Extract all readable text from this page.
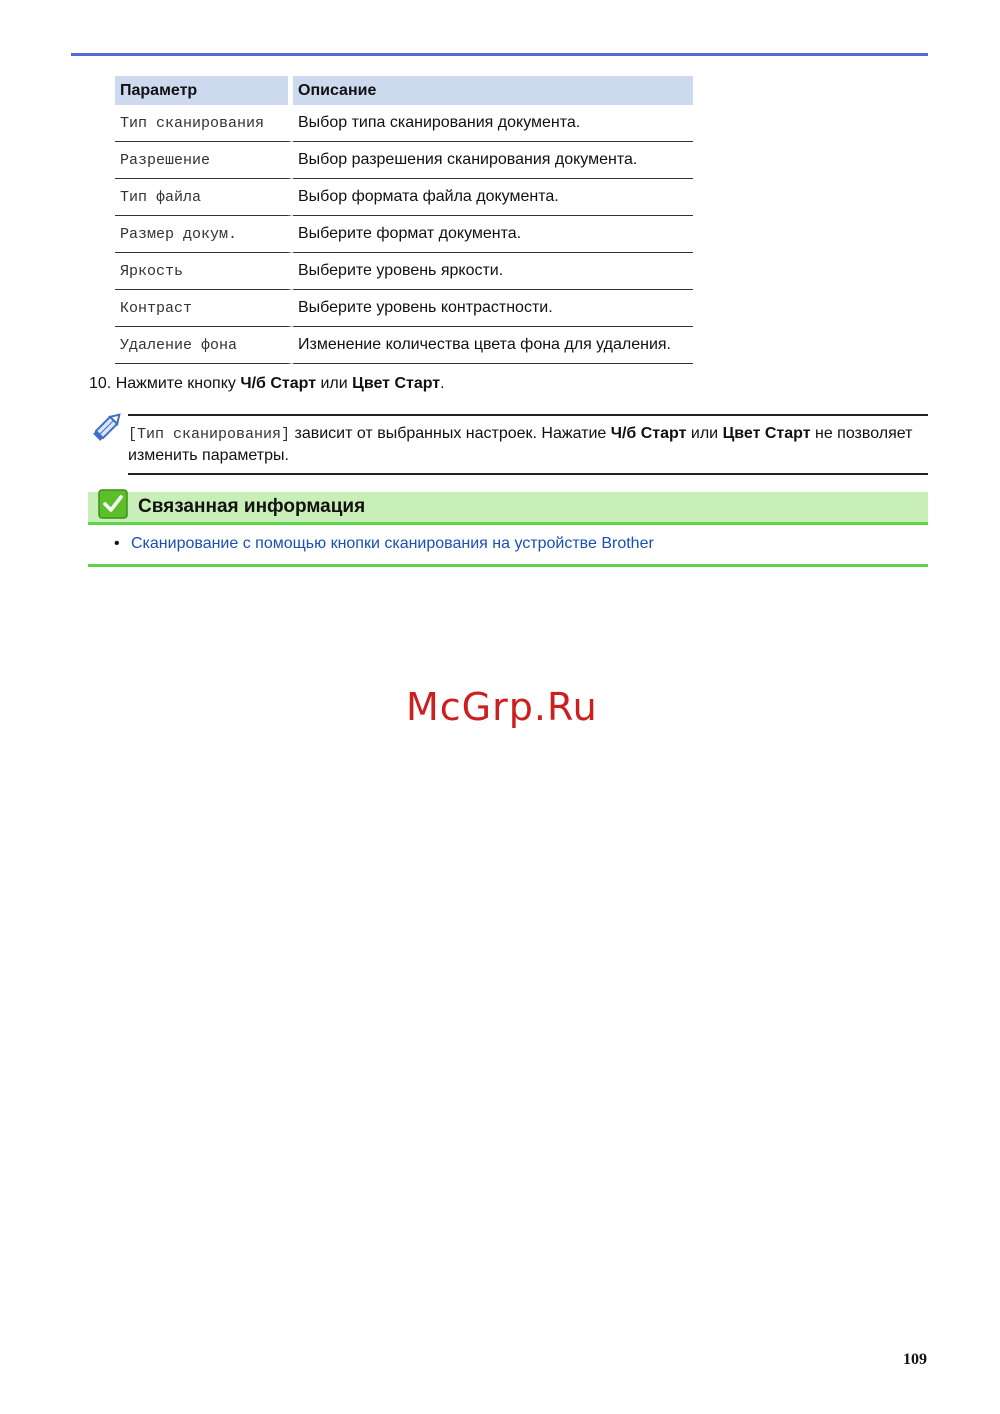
Параметр	Описание
Тип сканирования	Выбор типа сканирования документа.
Разрешение	Выбор разрешения сканирования документа.
Тип файла	Выбор формата файла документа.
Размер докум.	Выберите формат документа.
Яркость	Выберите уровень яркости.
Контраст	Выберите уровень контрастности.
Удаление фона	Изменение количества цвета фона для удаления.
10. Нажмите кнопку Ч/б Старт или Цвет Старт.
[Тип сканирования] зависит от выбранных настроек. Нажатие Ч/б Старт или Цвет Старт не позволяет изменить параметры.
Связанная информация
• Сканирование с помощью кнопки сканирования на устройстве Brother
McGrp.Ru
109
